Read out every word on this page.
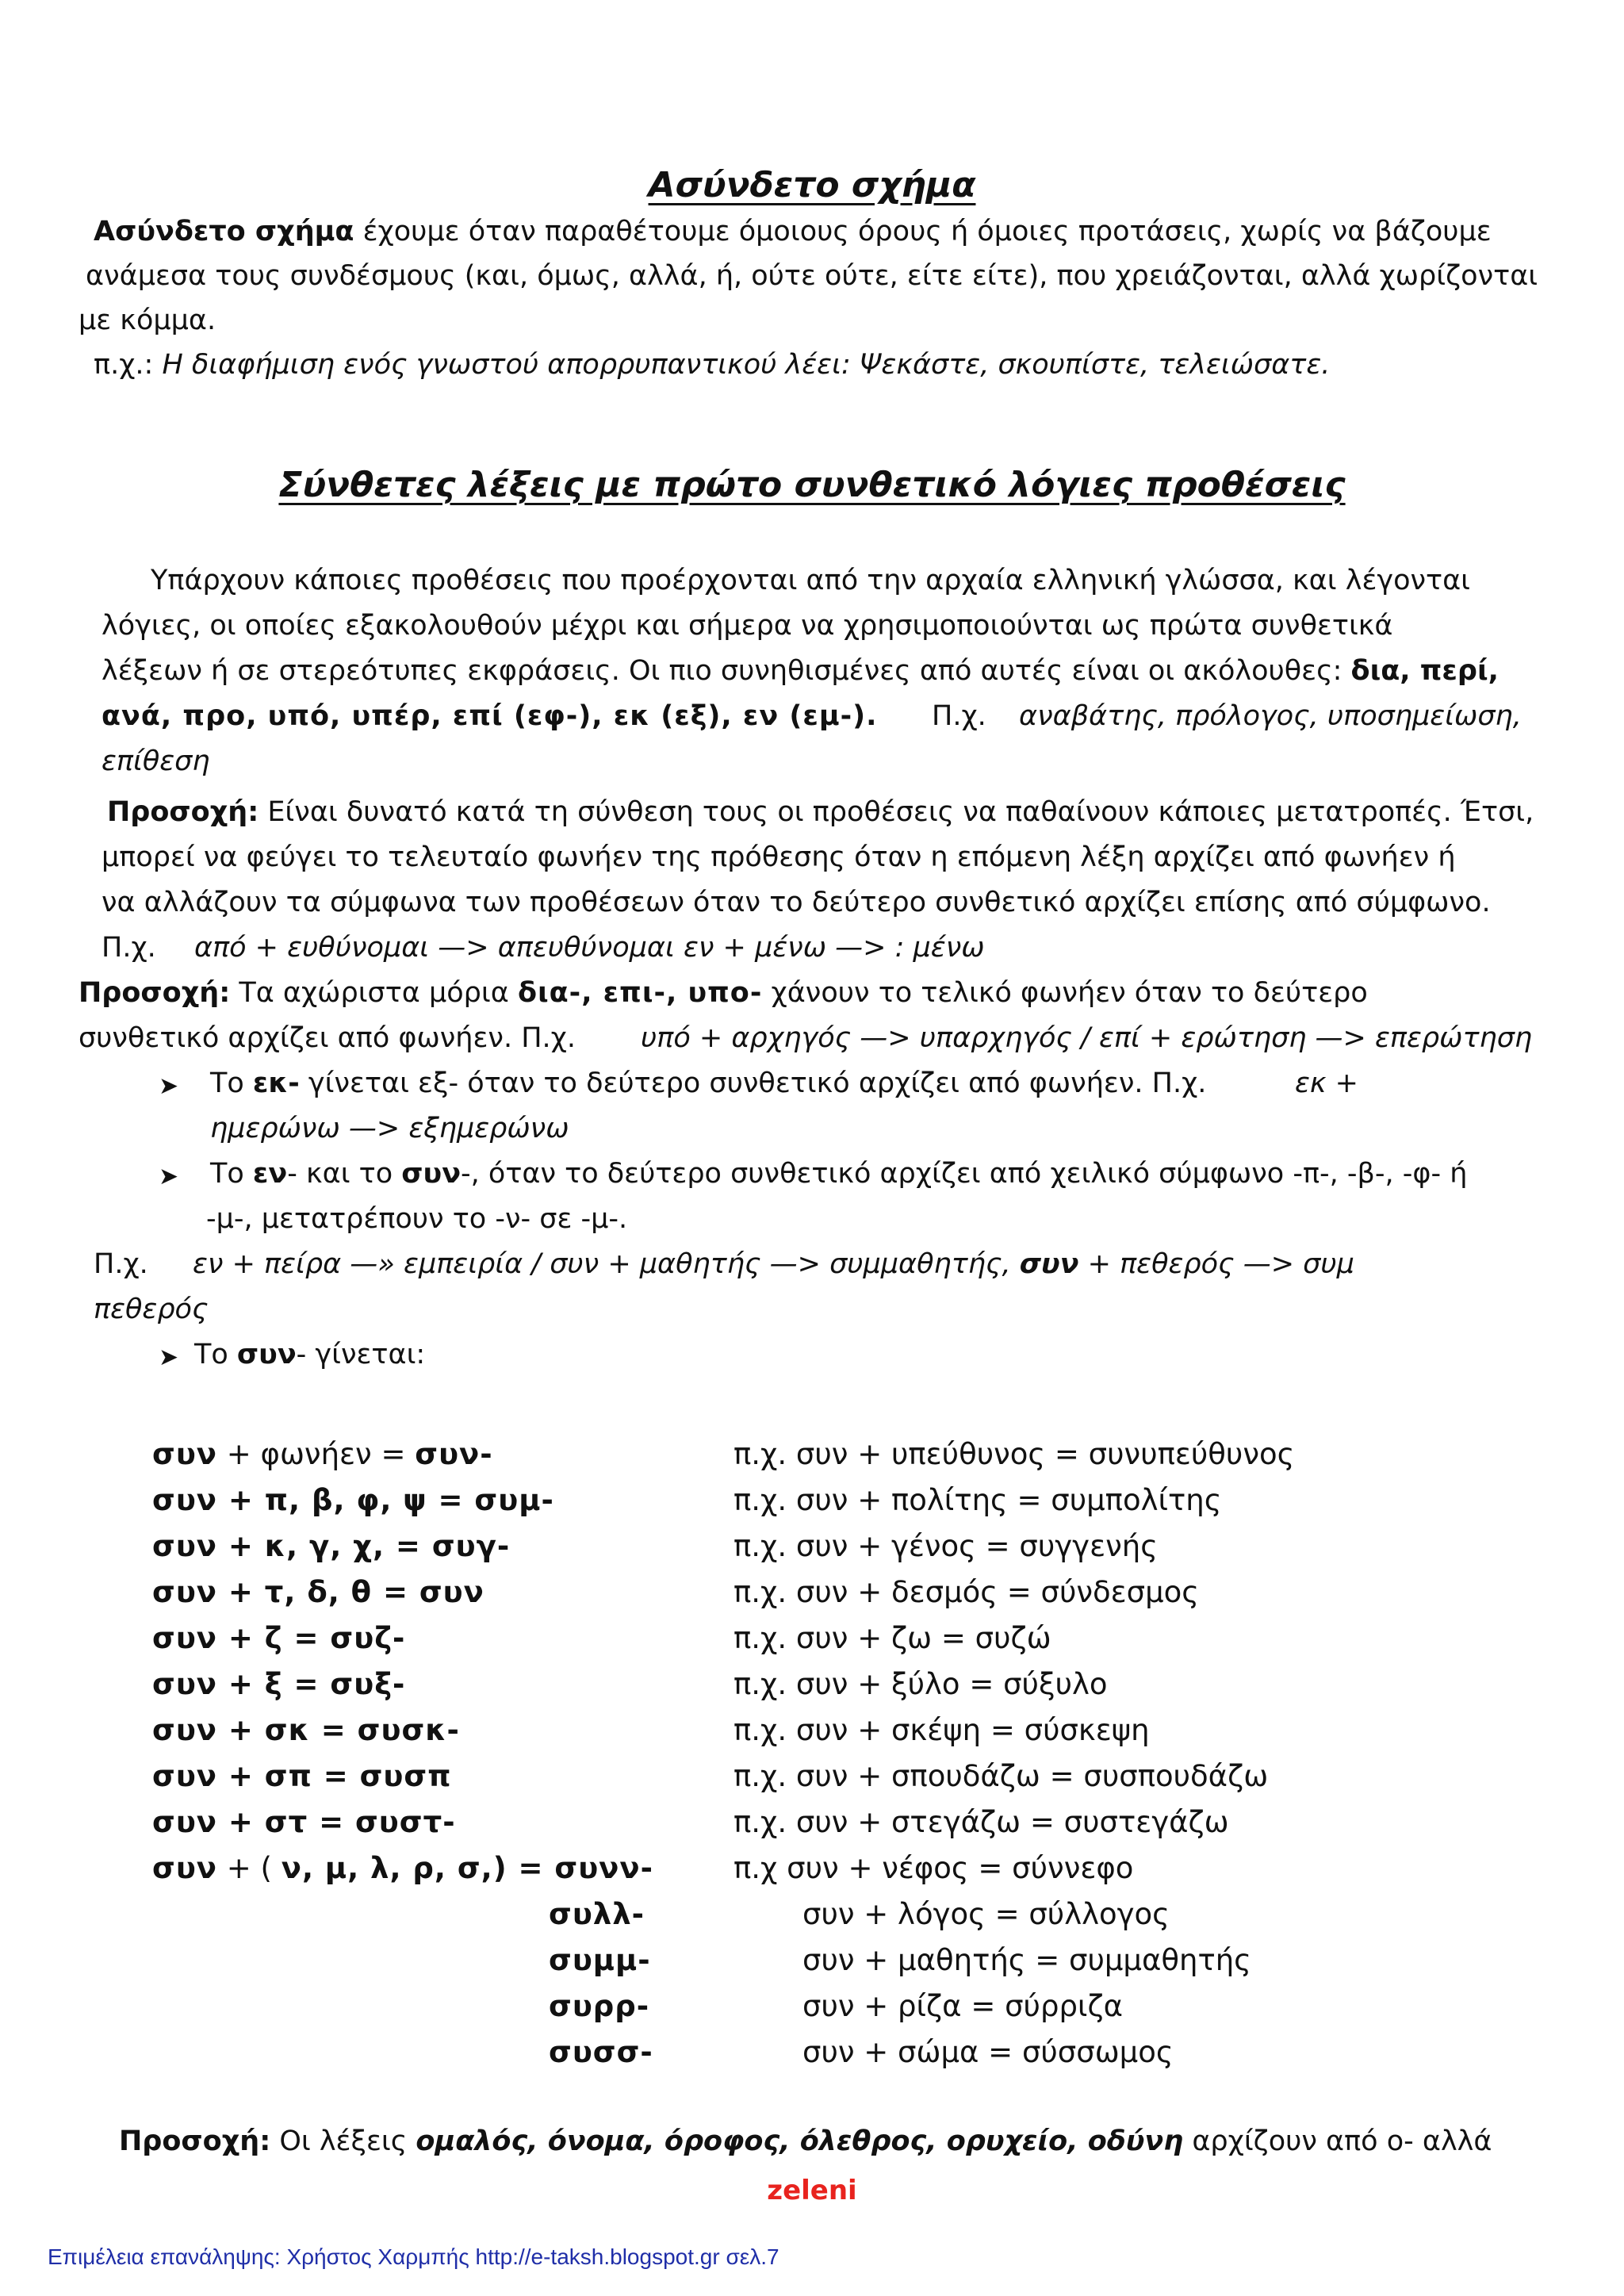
Ασύνδετο σχήμα
Ασύνδετο σχήμα έχουμε όταν παραθέτουμε όμοιους όρους ή όμοιες προτάσεις, χωρίς να βάζουμε
ανάμεσα τους συνδέσμους (και, όμως, αλλά, ή, ούτε ούτε, είτε είτε), που χρειάζονται, αλλά χωρίζονται
με κόμμα.
π.χ.: Η διαφήμιση ενός γνωστού απορρυπαντικού λέει: Ψεκάστε, σκουπίστε, τελειώσατε.
Σύνθετες λέξεις με πρώτο συνθετικό λόγιες προθέσεις
Υπάρχουν κάποιες προθέσεις που προέρχονται από την αρχαία ελληνική γλώσσα, και λέγονται
λόγιες, οι οποίες εξακολουθούν μέχρι και σήμερα να χρησιμοποιούνται ως πρώτα συνθετικά
λέξεων ή σε στερεότυπες εκφράσεις. Οι πιο συνηθισμένες από αυτές είναι οι ακόλουθες: δια, περί,
ανά, προ, υπό, υπέρ, επί (εφ-), εκ (εξ), εν (εμ-). Π.χ. αναβάτης, πρόλογος, υποσημείωση,
επίθεση
Προσοχή: Είναι δυνατό κατά τη σύνθεση τους οι προθέσεις να παθαίνουν κάποιες μετατροπές. Έτσι,
μπορεί να φεύγει το τελευταίο φωνήεν της πρόθεσης όταν η επόμενη λέξη αρχίζει από φωνήεν ή
να αλλάζουν τα σύμφωνα των προθέσεων όταν το δεύτερο συνθετικό αρχίζει επίσης από σύμφωνο.
Π.χ. από + ευθύνομαι —> απευθύνομαι εν + μένω —> : μένω
Προσοχή: Τα αχώριστα μόρια δια-, επι-, υπο- χάνουν το τελικό φωνήεν όταν το δεύτερο
συνθετικό αρχίζει από φωνήεν. Π.χ. υπό + αρχηγός —> υπαρχηγός / επί + ερώτηση —> επερώτηση
➤ Το εκ- γίνεται εξ- όταν το δεύτερο συνθετικό αρχίζει από φωνήεν. Π.χ.	εκ +
ημερώνω —> εξημερώνω
➤ Το εν- και το συν-, όταν το δεύτερο συνθετικό αρχίζει από χειλικό σύμφωνο -π-, -β-, -φ- ή
-μ-, μετατρέπουν το -ν- σε -μ-.
Π.χ. εν + πείρα —» εμπειρία / συν + μαθητής —> συμμαθητής, συν + πεθερός —> συμ
πεθερός
➤ Το συν- γίνεται:
συν + φωνήεν = συν-	π.χ. συν + υπεύθυνος = συνυπεύθυνος
συν + π, β, φ, ψ = συμ-	π.χ. συν + πολίτης = συμπολίτης
συν + κ, γ, χ, = συγ-	π.χ. συν + γένος = συγγενής
συν + τ, δ, θ = συν	π.χ. συν + δεσμός = σύνδεσμος
συν + ζ = συζ-	π.χ. συν + ζω = συζώ
συν + ξ = συξ-	π.χ. συν + ξύλο = σύξυλο
συν + σκ = συσκ-	π.χ. συν + σκέψη = σύσκεψη
συν + σπ = συσπ	π.χ. συν + σπουδάζω = συσπουδάζω
συν + στ = συστ-	π.χ. συν + στεγάζω = συστεγάζω
συν + ( ν, μ, λ, ρ, σ,) = συνν-	π.χ συν + νέφος = σύννεφο
συλλ-	συν + λόγος = σύλλογος
συμμ-	συν + μαθητής = συμμαθητής
συρρ-	συν + ρίζα = σύρριζα
συσσ-	συν + σώμα = σύσσωμος
Προσοχή: Οι λέξεις ομαλός, όνομα, όροφος, όλεθρος, ορυχείο, οδύνη αρχίζουν από ο- αλλά
zeleni
Επιμέλεια επανάληψης: Χρήστος Χαρμπής http://e-taksh.blogspot.gr σελ.7
